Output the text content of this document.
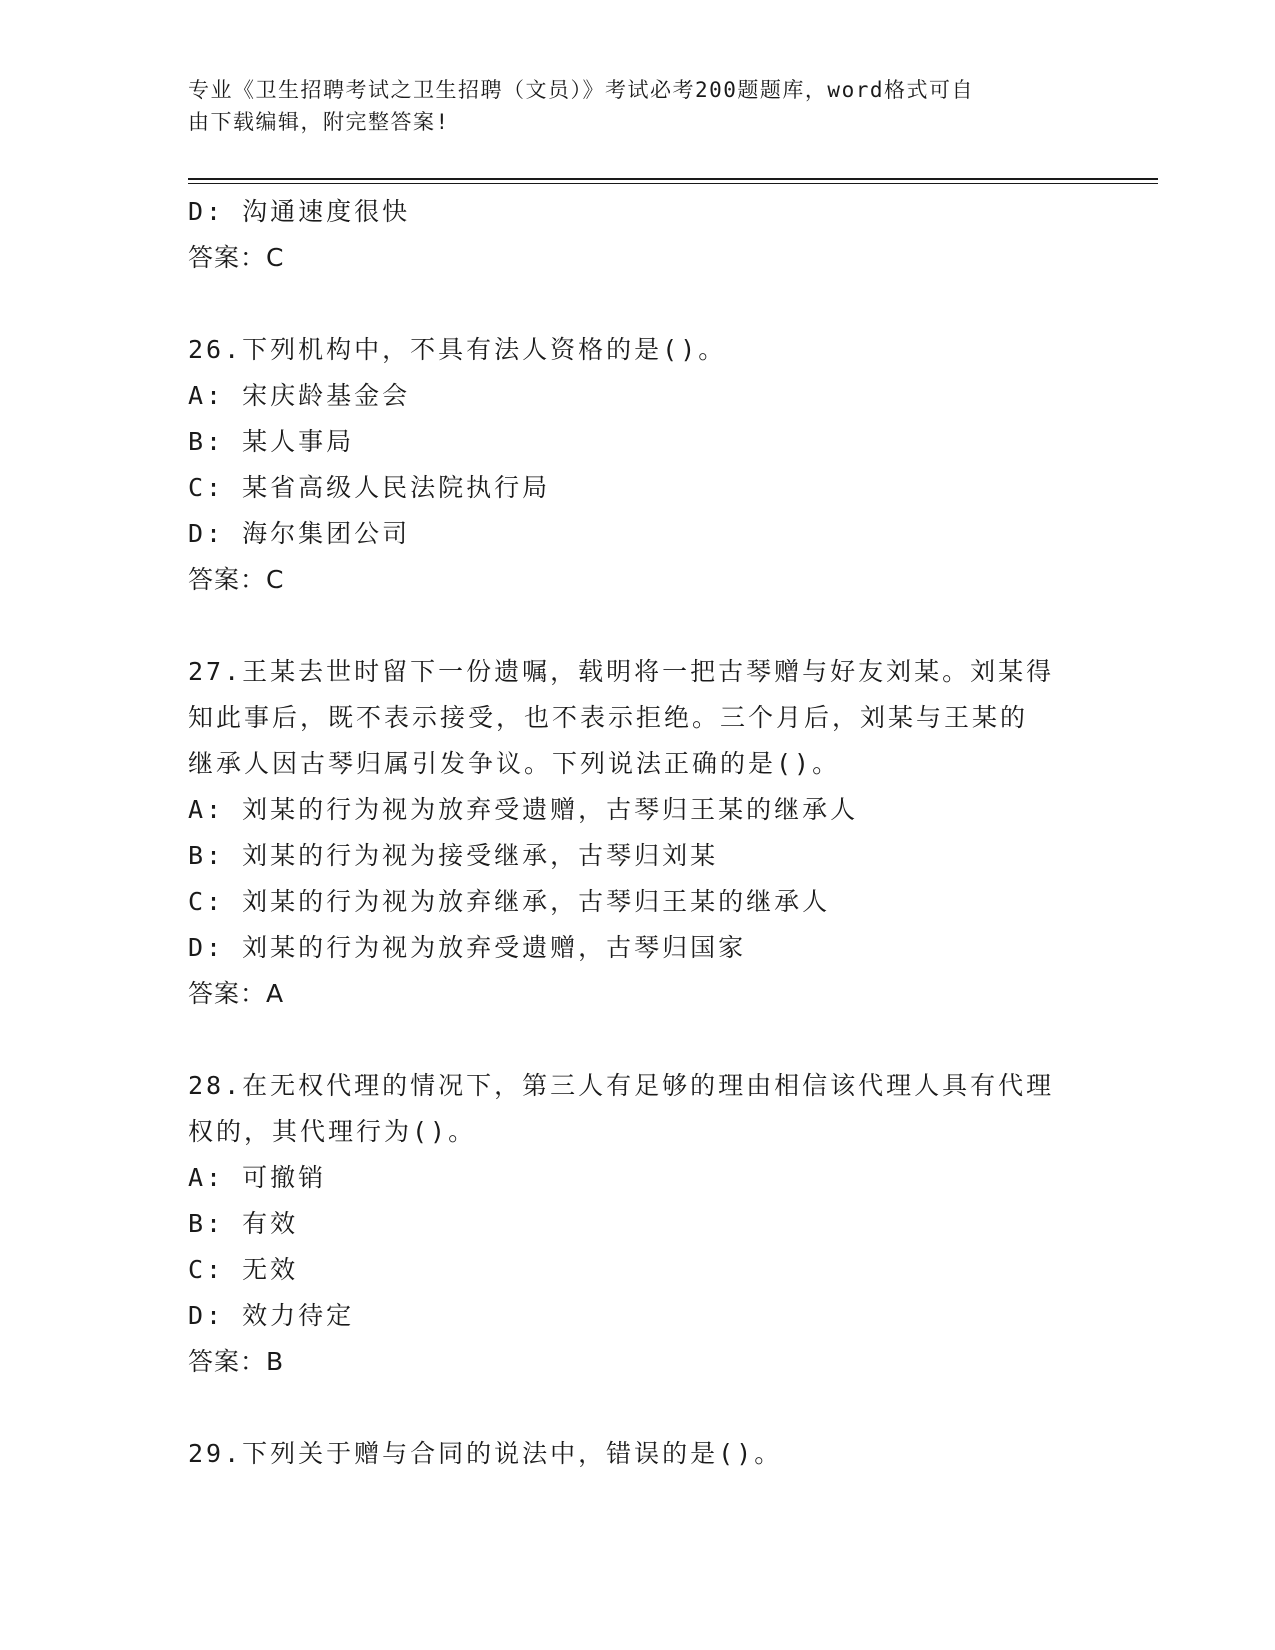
专业《卫生招聘考试之卫生招聘（文员）》考试必考200题题库，word格式可自
由下载编辑，附完整答案!
D: 沟通速度很快
答案：C
26.下列机构中，不具有法人资格的是()。
A: 宋庆龄基金会
B: 某人事局
C: 某省高级人民法院执行局
D: 海尔集团公司
答案：C
27.王某去世时留下一份遗嘱，载明将一把古琴赠与好友刘某。刘某得
知此事后，既不表示接受，也不表示拒绝。三个月后，刘某与王某的
继承人因古琴归属引发争议。下列说法正确的是()。
A: 刘某的行为视为放弃受遗赠，古琴归王某的继承人
B: 刘某的行为视为接受继承，古琴归刘某
C: 刘某的行为视为放弃继承，古琴归王某的继承人
D: 刘某的行为视为放弃受遗赠，古琴归国家
答案：A
28.在无权代理的情况下，第三人有足够的理由相信该代理人具有代理
权的，其代理行为()。
A: 可撤销
B: 有效
C: 无效
D: 效力待定
答案：B
29.下列关于赠与合同的说法中，错误的是()。
